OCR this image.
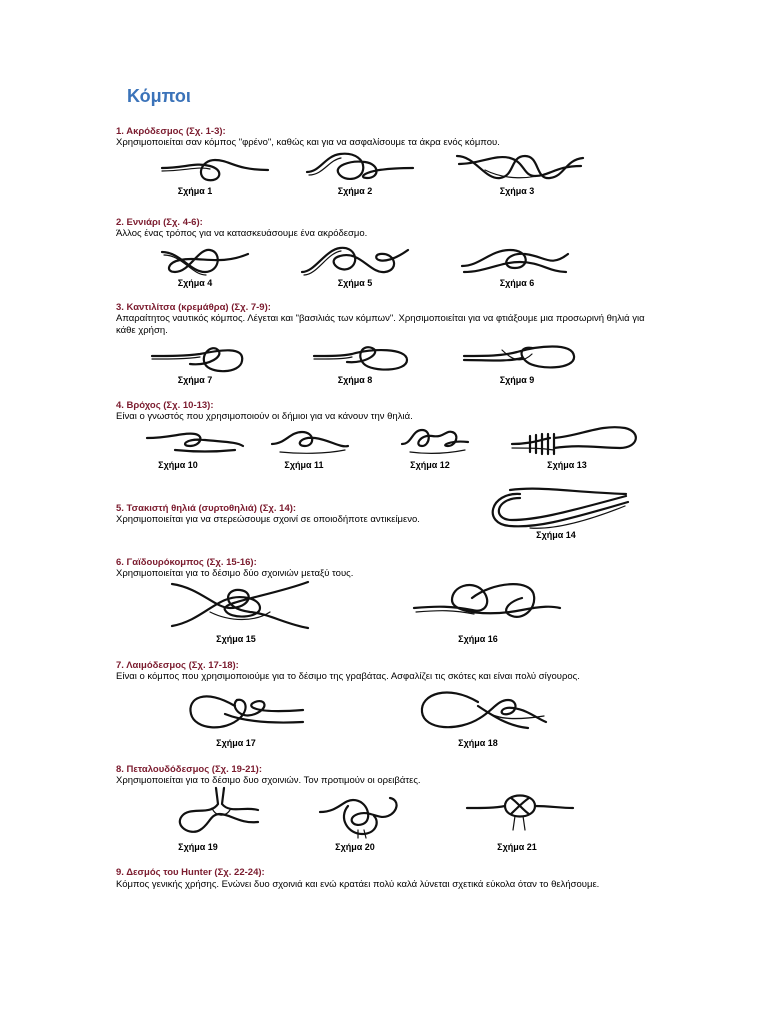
Κόμποι
1. Ακρόδεσμος (Σχ. 1-3):
Χρησιμοποιείται σαν κόμπος "φρένο", καθώς και για να ασφαλίσουμε τα άκρα ενός κόμπου.
Σχήμα 1	Σχήμα 2	Σχήμα 3
2. Εννιάρι (Σχ. 4-6):
Άλλος ένας τρόπος για να κατασκευάσουμε ένα ακρόδεσμο.
Σχήμα 4	Σχήμα 5	Σχήμα 6
3. Καντιλίτσα (κρεμάθρα) (Σχ. 7-9):
Απαραίτητος ναυτικός κόμπος. Λέγεται και "βασιλιάς των κόμπων". Χρησιμοποιείται για να φτιάξουμε μια προσωρινή θηλιά για κάθε χρήση.
Σχήμα 7	Σχήμα 8	Σχήμα 9
4. Βρόχος (Σχ. 10-13):
Είναι ο γνωστός που χρησιμοποιούν οι δήμιοι για να κάνουν την θηλιά.
Σχήμα 10	Σχήμα 11	Σχήμα 12	Σχήμα 13
5. Τσακιστή θηλιά (συρτοθηλιά) (Σχ. 14):
Χρησιμοποιείται για να στερεώσουμε σχοινί σε οποιοδήποτε αντικείμενο.
Σχήμα 14
6. Γαϊδουρόκομπος (Σχ. 15-16):
Χρησιμοποιείται για το δέσιμο δύο σχοινιών μεταξύ τους.
Σχήμα 15	Σχήμα 16
7. Λαιμόδεσμος (Σχ. 17-18):
Είναι ο κόμπος που χρησιμοποιούμε για το δέσιμο της γραβάτας. Ασφαλίζει τις σκότες και είναι πολύ σίγουρος.
Σχήμα 17	Σχήμα 18
8. Πεταλουδόδεσμος (Σχ. 19-21):
Χρησιμοποιείται για το δέσιμο δυο σχοινιών. Τον προτιμούν οι ορειβάτες.
Σχήμα 19	Σχήμα 20	Σχήμα 21
9. Δεσμός του Hunter (Σχ. 22-24):
Κόμπος γενικής χρήσης. Ενώνει δυο σχοινιά και ενώ κρατάει πολύ καλά λύνεται σχετικά εύκολα όταν το θελήσουμε.
